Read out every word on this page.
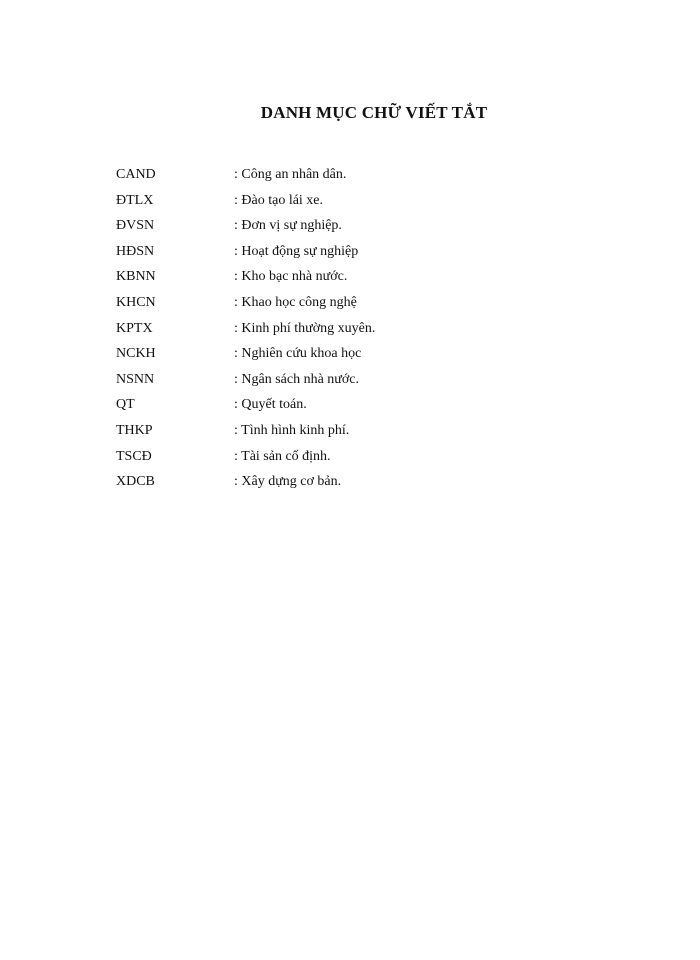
DANH MỤC CHỮ VIẾT TẮT
CAND	: Công an nhân dân.
ĐTLX	: Đào tạo lái xe.
ĐVSN	: Đơn vị sự nghiệp.
HĐSN	: Hoạt động sự nghiệp
KBNN	: Kho bạc nhà nước.
KHCN	: Khao học công nghệ
KPTX	: Kinh phí thường xuyên.
NCKH	: Nghiên cứu khoa học
NSNN	: Ngân sách nhà nước.
QT	: Quyết toán.
THKP	: Tình hình kinh phí.
TSCĐ	: Tài sản cố định.
XDCB	: Xây dựng cơ bản.
